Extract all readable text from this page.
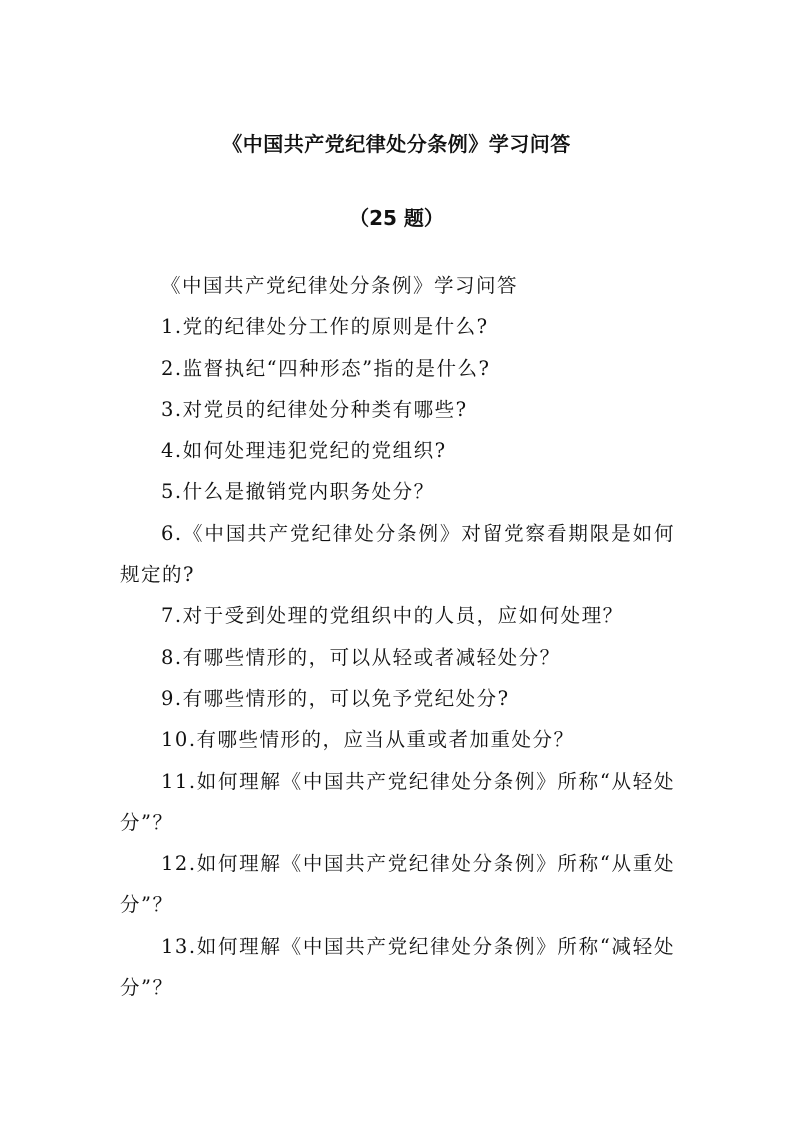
《中国共产党纪律处分条例》学习问答
（25 题）

《中国共产党纪律处分条例》学习问答

1.党的纪律处分工作的原则是什么?

2.监督执纪“四种形态”指的是什么?

3.对党员的纪律处分种类有哪些?

4.如何处理违犯党纪的党组织?

5.什么是撤销党内职务处分？

6.《中国共产党纪律处分条例》对留党察看期限是如何规定的?

7.对于受到处理的党组织中的人员，应如何处理？

8.有哪些情形的，可以从轻或者减轻处分？

9.有哪些情形的，可以免予党纪处分?

10.有哪些情形的，应当从重或者加重处分？

11.如何理解《中国共产党纪律处分条例》所称“从轻处分”？

12.如何理解《中国共产党纪律处分条例》所称“从重处分”？

13.如何理解《中国共产党纪律处分条例》所称“减轻处分”？
